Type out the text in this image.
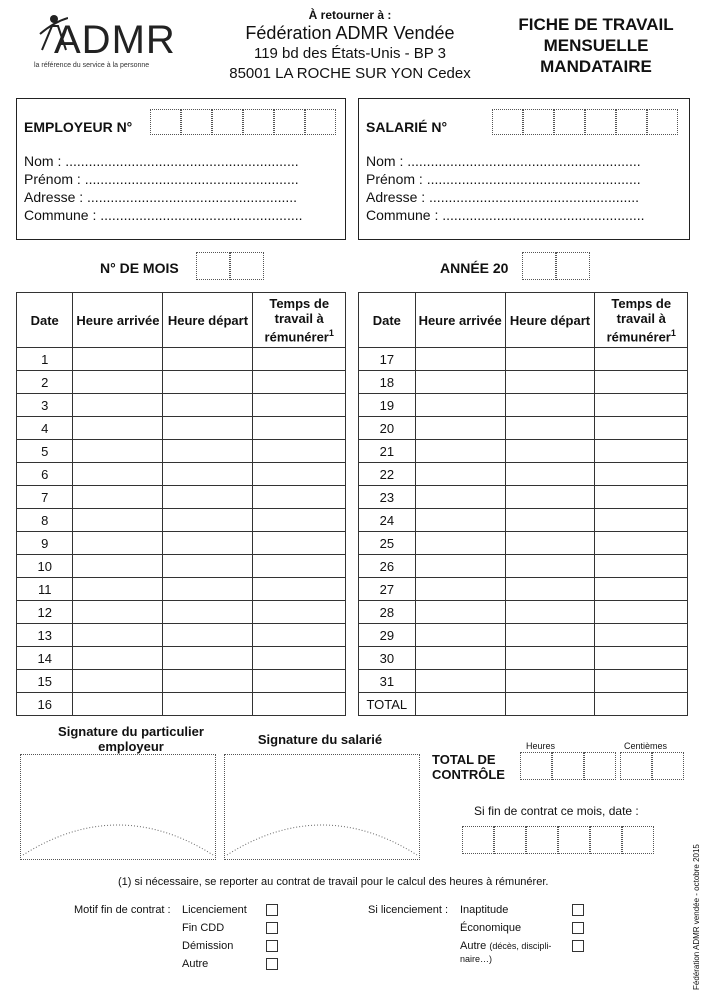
ADMR
la référence du service à la personne
À retourner à :
Fédération ADMR Vendée
119 bd des États-Unis - BP 3
85001 LA ROCHE SUR YON Cedex
FICHE DE TRAVAIL
MENSUELLE
MANDATAIRE
EMPLOYEUR N°
Nom : ............................................................
Prénom : .......................................................
Adresse : ......................................................
Commune : ....................................................
SALARIÉ N°
Nom : ............................................................
Prénom : .......................................................
Adresse : ......................................................
Commune : ....................................................
N° DE MOIS	ANNÉE 20
Date	Heure arrivée	Heure départ	Temps de travail à rémunérer$^1$
1			
2			
3			
4			
5			
6			
7			
8			
9			
10			
11			
12			
13			
14			
15			
16			
Date	Heure arrivée	Heure départ	Temps de travail à rémunérer$^1$
17			
18			
19			
20			
21			
22			
23			
24			
25			
26			
27			
28			
29			
30			
31			
TOTAL			
Signature du particulier employeur	Signature du salarié
TOTAL DE
CONTRÔLE
Heures	Centièmes
Si fin de contrat ce mois, date :
(1) si nécessaire, se reporter au contrat de travail pour le calcul des heures à rémunérer.
Motif fin de contrat : Licenciement
Fin CDD
Démission
Autre
Si licenciement : Inaptitude
Économique
Autre (décès, discipli-
naire…)	Fédération ADMR vendée - octobre 2015
